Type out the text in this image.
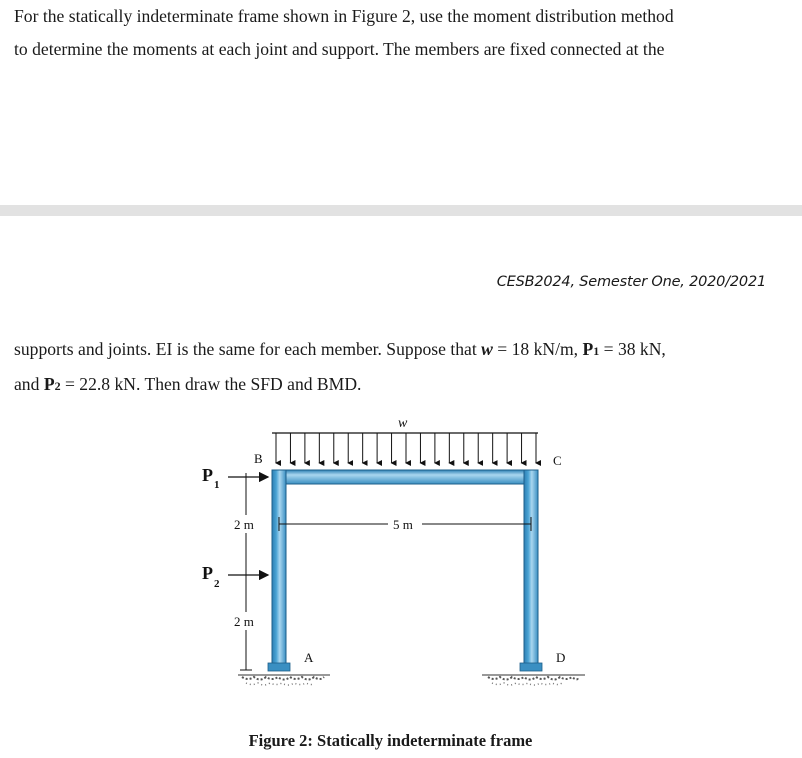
For the statically indeterminate frame shown in Figure 2, use the moment distribution method
to determine the moments at each joint and support. The members are fixed connected at the

CESB2024, Semester One, 2020/2021

supports and joints. EI is the same for each member. Suppose that w = 18 kN/m, P1 = 38 kN,
and P2 = 22.8 kN. Then draw the SFD and BMD.

w
B	C
A	D
P 1
P
2
2 m
2 m
5 m
Figure 2: Statically indeterminate frame
